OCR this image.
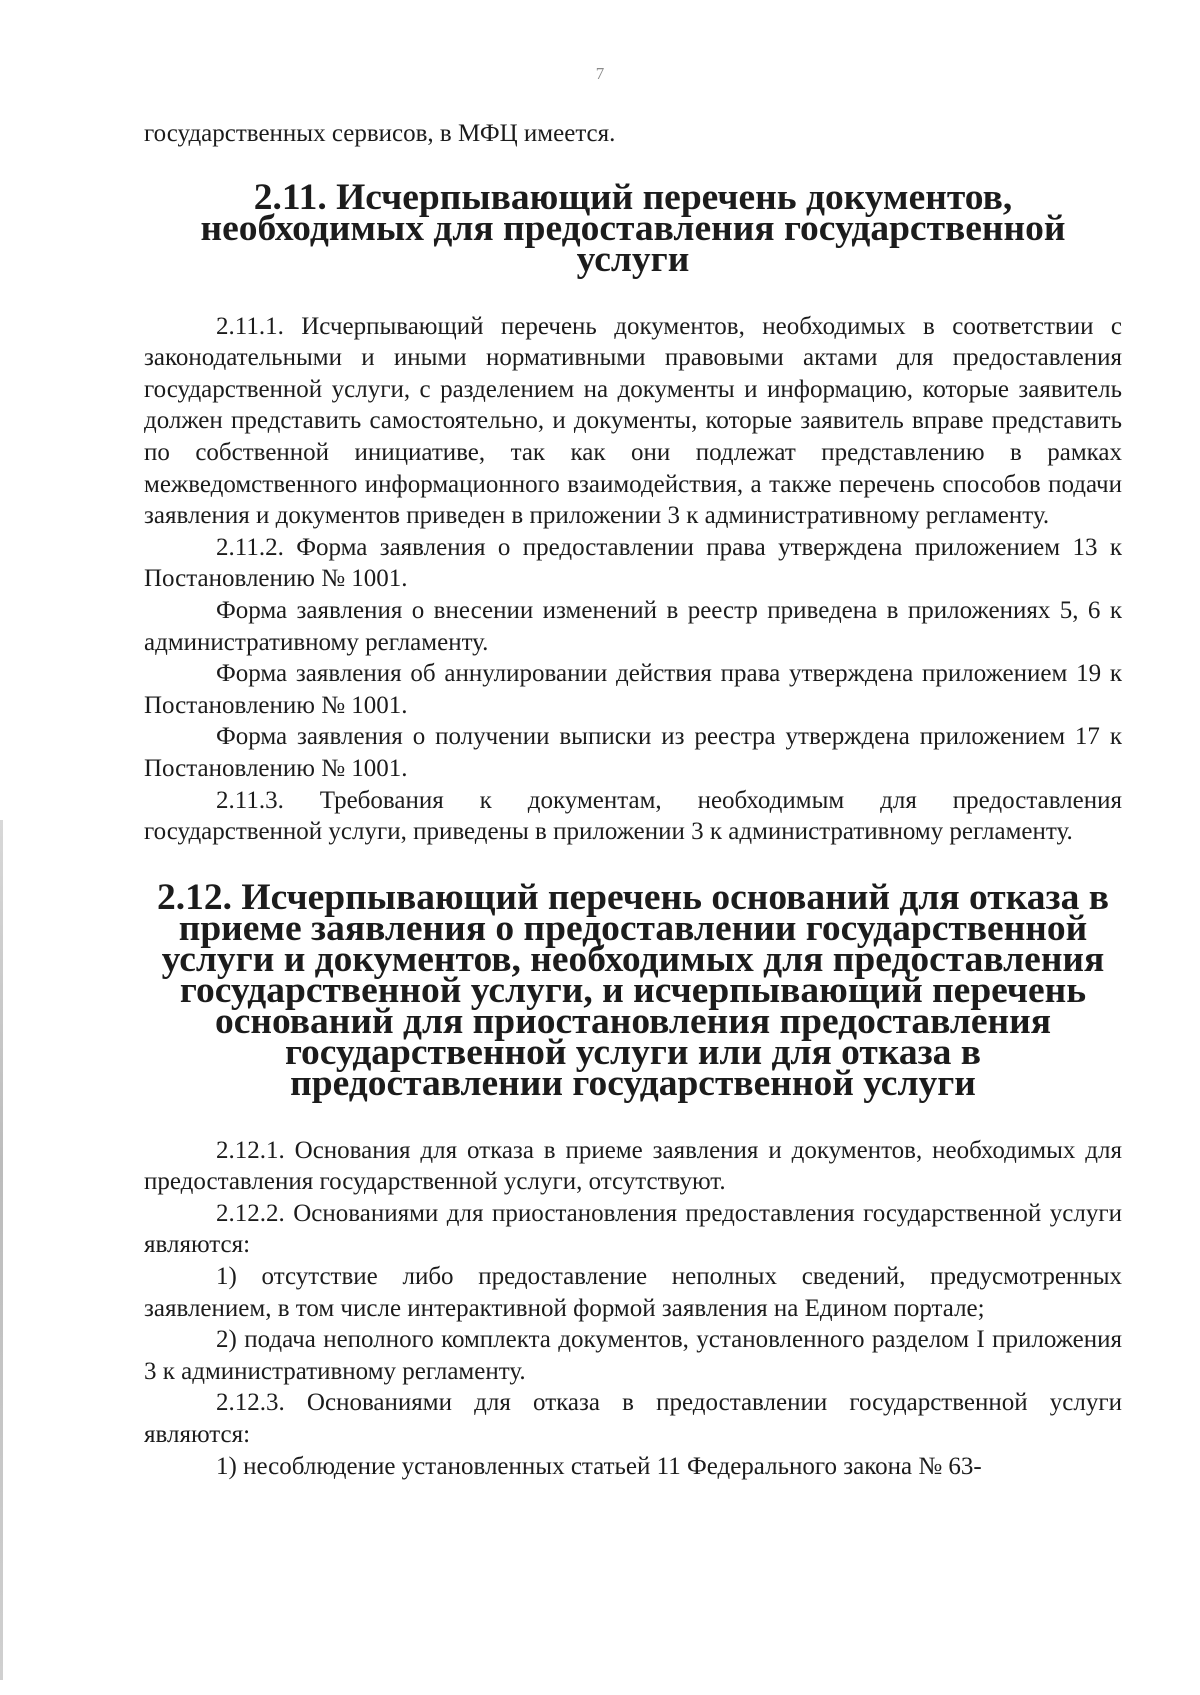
7

государственных сервисов, в МФЦ имеется.

2.11. Исчерпывающий перечень документов, необходимых для предоставления государственной услуги

2.11.1. Исчерпывающий перечень документов, необходимых в соответствии с законодательными и иными нормативными правовыми актами для предоставления государственной услуги, с разделением на документы и информацию, которые заявитель должен представить самостоятельно, и документы, которые заявитель вправе представить по собственной инициативе, так как они подлежат представлению в рамках межведомственного информационного взаимодействия, а также перечень способов подачи заявления и документов приведен в приложении 3 к административному регламенту.

2.11.2. Форма заявления о предоставлении права утверждена приложением 13 к Постановлению № 1001.

Форма заявления о внесении изменений в реестр приведена в приложениях 5, 6 к административному регламенту.

Форма заявления об аннулировании действия права утверждена приложением 19 к Постановлению № 1001.

Форма заявления о получении выписки из реестра утверждена приложением 17 к Постановлению № 1001.

2.11.3. Требования к документам, необходимым для предоставления государственной услуги, приведены в приложении 3 к административному регламенту.

2.12. Исчерпывающий перечень оснований для отказа в приеме заявления о предоставлении государственной услуги и документов, необходимых для предоставления государственной услуги, и исчерпывающий перечень оснований для приостановления предоставления государственной услуги или для отказа в предоставлении государственной услуги

2.12.1. Основания для отказа в приеме заявления и документов, необходимых для предоставления государственной услуги, отсутствуют.

2.12.2. Основаниями для приостановления предоставления государственной услуги являются:

1) отсутствие либо предоставление неполных сведений, предусмотренных заявлением, в том числе интерактивной формой заявления на Едином портале;

2) подача неполного комплекта документов, установленного разделом I приложения 3 к административному регламенту.

2.12.3. Основаниями для отказа в предоставлении государственной услуги являются:

1) несоблюдение установленных статьей 11 Федерального закона № 63-
